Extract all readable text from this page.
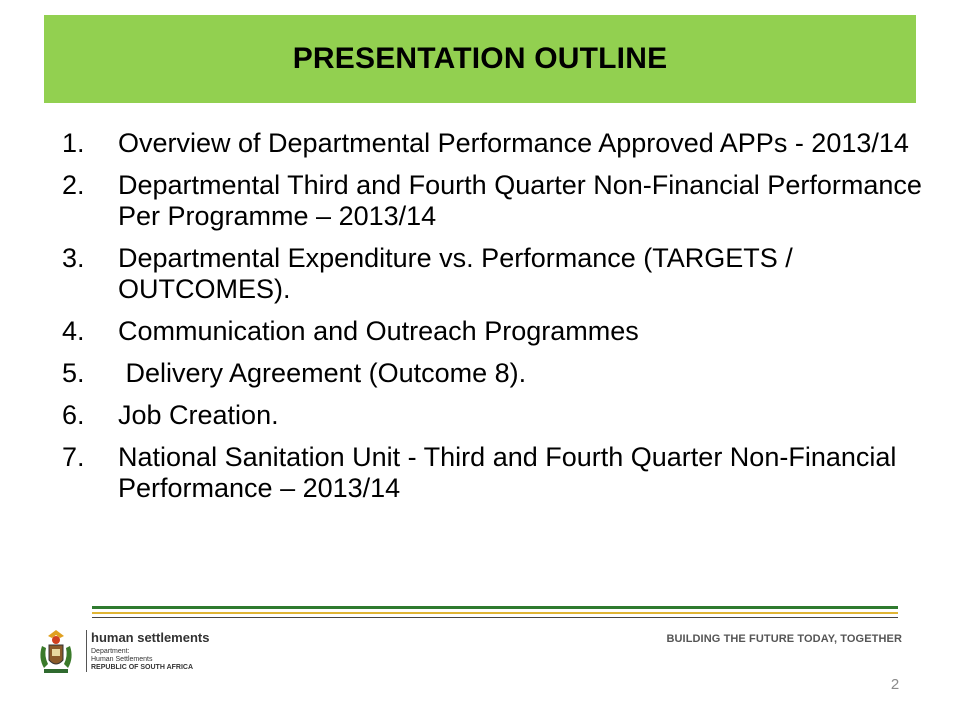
PRESENTATION OUTLINE
1.	Overview of Departmental Performance Approved APPs - 2013/14
2.	Departmental Third and Fourth Quarter Non-Financial Performance Per Programme – 2013/14
3.	Departmental Expenditure vs. Performance (TARGETS / OUTCOMES).
4.	Communication and Outreach Programmes
5.	Delivery Agreement (Outcome 8).
6.	Job Creation.
7.	National Sanitation Unit - Third and Fourth Quarter Non-Financial Performance – 2013/14
human settlements
Department:
Human Settlements
REPUBLIC OF SOUTH AFRICA
BUILDING THE FUTURE TODAY, TOGETHER
2
